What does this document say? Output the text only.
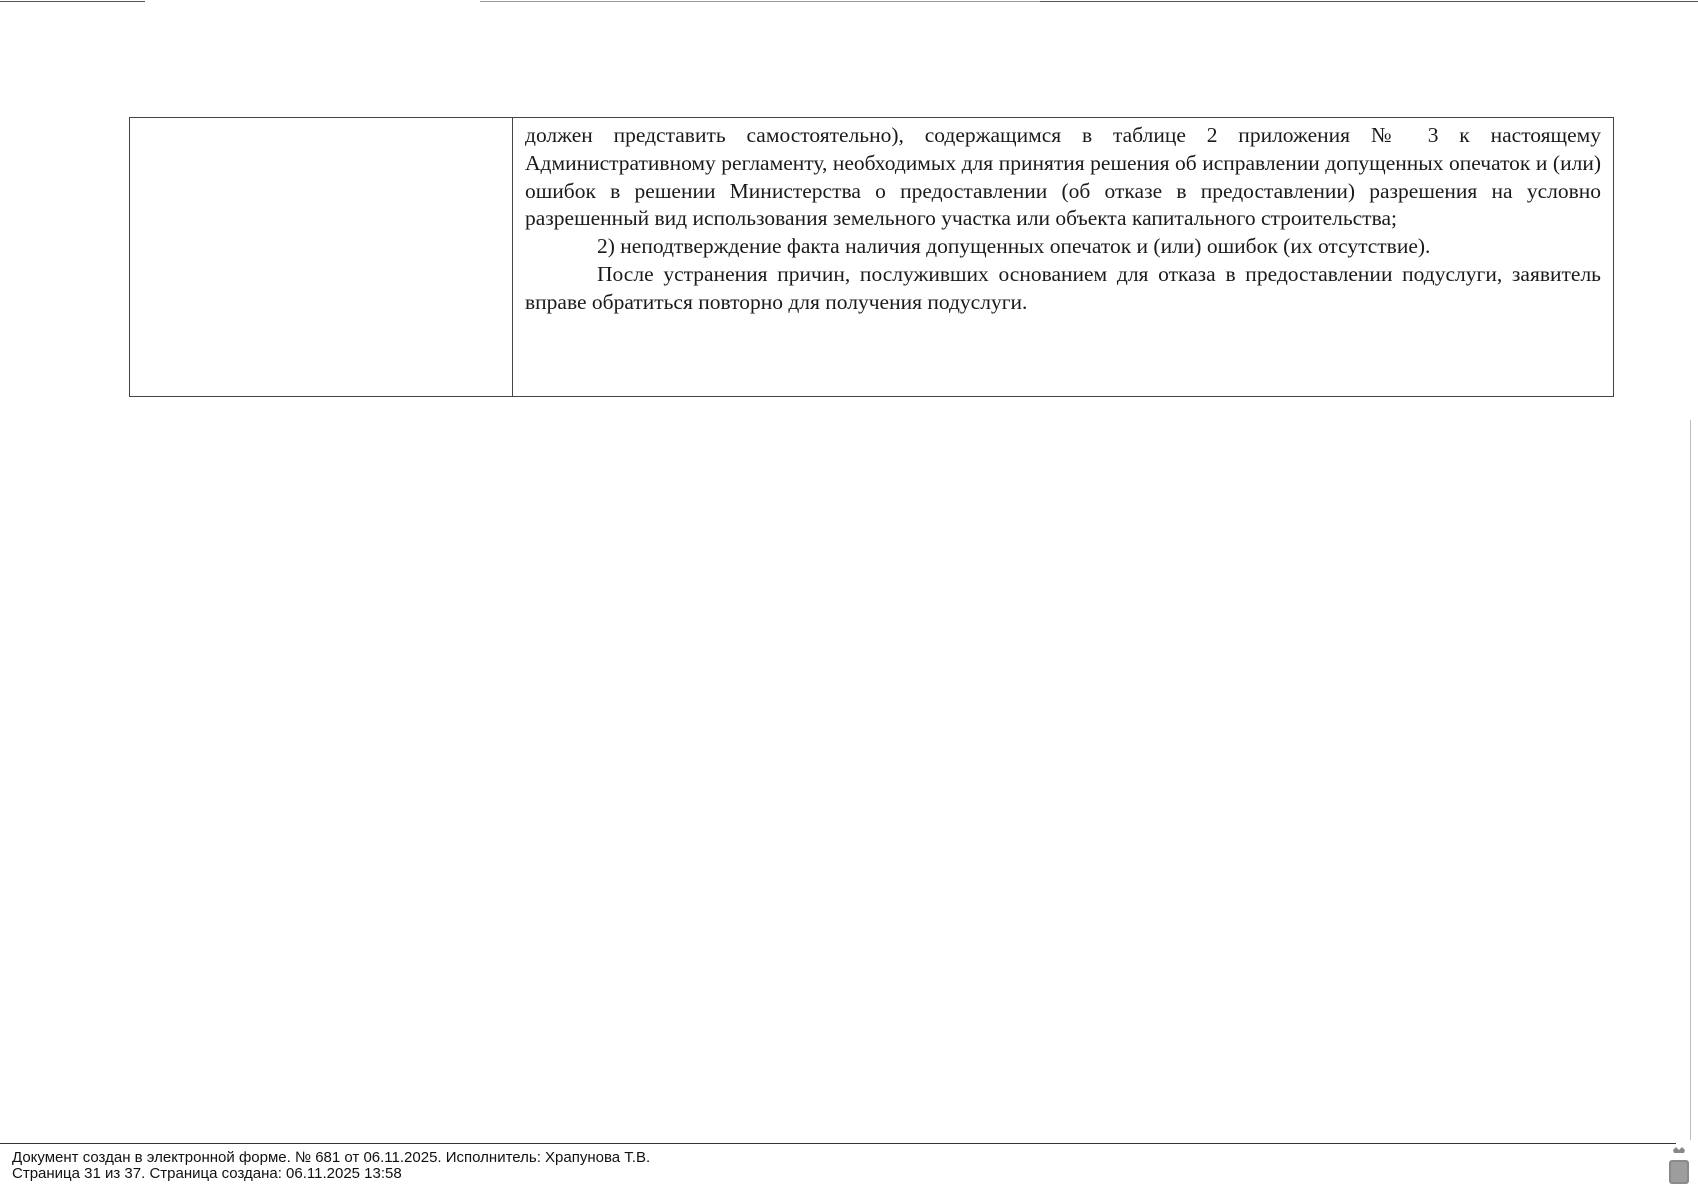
должен представить самостоятельно), содержащимся в таблице 2 приложения № 3 к настоящему Административному регламенту, необходимых для принятия решения об исправлении допущенных опечаток и (или) ошибок в решении Министерства о предоставлении (об отказе в предоставлении) разрешения на условно разрешенный вид использования земельного участка или объекта капитального строительства;

2) неподтверждение факта наличия допущенных опечаток и (или) ошибок (их отсутствие).

После устранения причин, послуживших основанием для отказа в предоставлении подуслуги, заявитель вправе обратиться повторно для получения подуслуги.

Документ создан в электронной форме. № 681 от 06.11.2025. Исполнитель: Храпунова Т.В.
Страница 31 из 37. Страница создана: 06.11.2025 13:58
